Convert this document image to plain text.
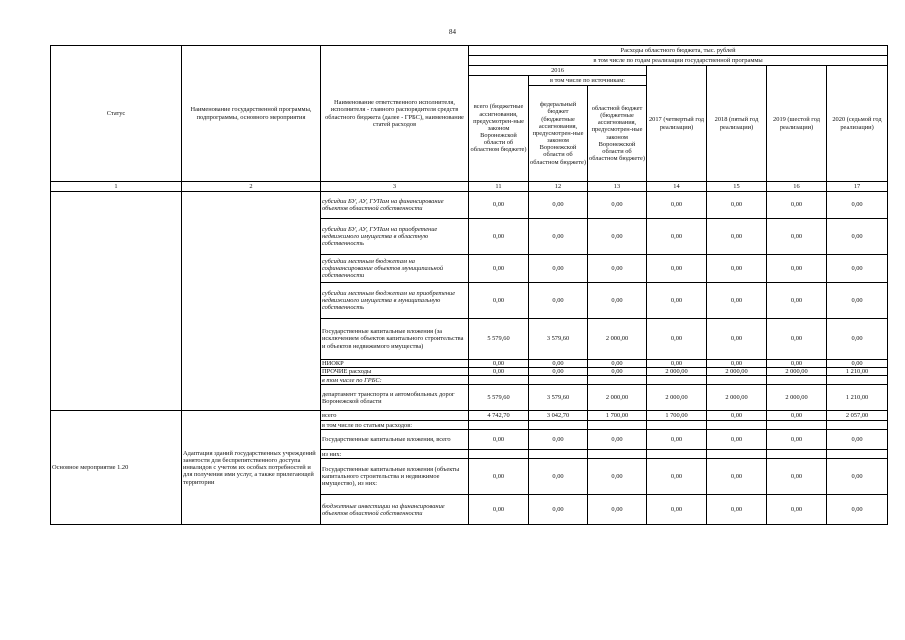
84
Статус	Наименование государственной программы, подпрограммы, основного мероприятия	Наименование ответственного исполнителя, исполнителя - главного распорядителя средств областного бюджета (далее - ГРБС), наименование статей расходов	Расходы областного бюджета, тыс. рублей						
			в том числе по годам реализации государственной программы						
			2016			2017 (четвертый год реализации)	2018 (пятый год реализации)	2019 (шестой год реализации)	2020 (седьмой год реализации)
			всего (бюджетные ассигнования, предусмотрен-ные законом Воронежской области об областном бюджете)	в том числе по источникам:					
				федеральный бюджет (бюджетные ассигнования, предусмотрен-ные законом Воронежской области об областном бюджете)	областной бюджет (бюджетные ассигнования, предусмотрен-ные законом Воронежской области об областном бюджете)				
1	2	3	11	12	13	14	15	16	17
		субсидии БУ, АУ, ГУПам на финансирование объектов областной собственности	0,00	0,00	0,00	0,00	0,00	0,00	0,00
		субсидии БУ, АУ, ГУПам на приобретение недвижимого имущества в областную собственность	0,00	0,00	0,00	0,00	0,00	0,00	0,00
		субсидии местным бюджетам на софинансирование объектов муниципальной собственности	0,00	0,00	0,00	0,00	0,00	0,00	0,00
		субсидии местным бюджетам на приобретение недвижимого имущества в муниципальную собственность	0,00	0,00	0,00	0,00	0,00	0,00	0,00
		Государственные капитальные вложения (за исключением объектов капитального строительства и объектов недвижимого имущества)	5 579,60	3 579,60	2 000,00	0,00	0,00	0,00	0,00
		НИОКР	0,00	0,00	0,00	0,00	0,00	0,00	0,00
		ПРОЧИЕ расходы	0,00	0,00	0,00	2 000,00	2 000,00	2 000,00	1 210,00
		в том числе по ГРБС:							
		департамент транспорта и автомобильных дорог Воронежской области	5 579,60	3 579,60	2 000,00	2 000,00	2 000,00	2 000,00	1 210,00
Основное мероприятие 1.20	Адаптация зданий государственных учреждений занятости для беспрепятственного доступа инвалидов с учетом их особых потребностей и для получения ими услуг, а также прилегающей территории	всего	4 742,70	3 042,70	1 700,00	1 700,00	0,00	0,00	2 057,00
		в том числе по статьям расходов:							
		Государственные капитальные вложения, всего	0,00	0,00	0,00	0,00	0,00	0,00	0,00
		из них:							
		Государственные капитальные вложения (объекты капитального строительства и недвижимое имущество), из них:	0,00	0,00	0,00	0,00	0,00	0,00	0,00
		бюджетные инвестиции на финансирование объектов областной собственности	0,00	0,00	0,00	0,00	0,00	0,00	0,00
